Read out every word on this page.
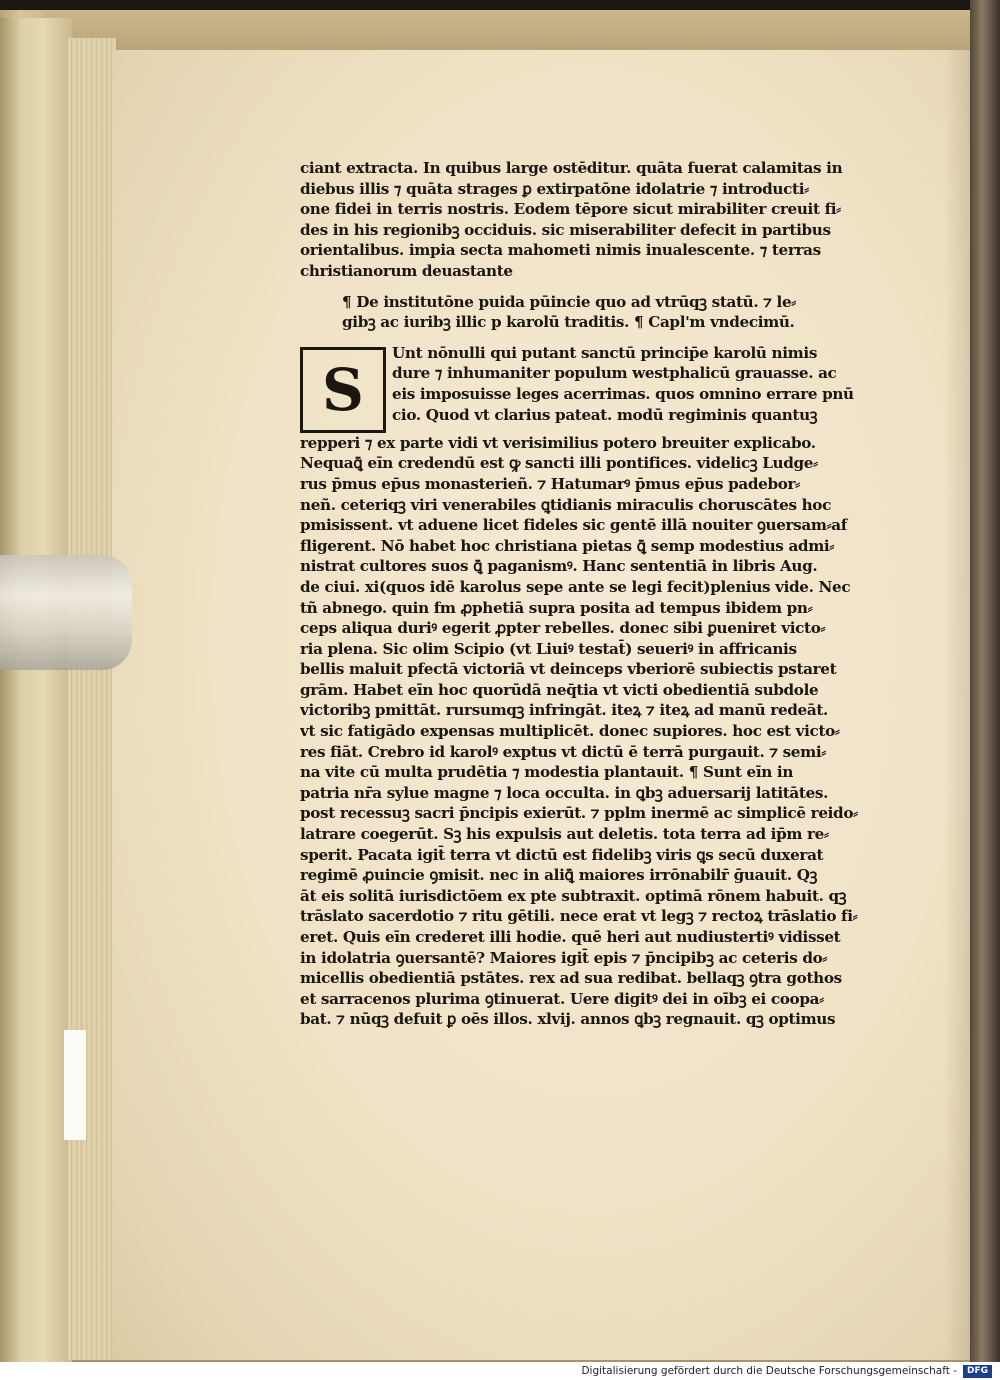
ciant extracta. In quibus large ostēditur. quāta fuerat calamitas in
diebus illis ⁊ quāta strages ꝑ extirpatōne idolatrie ⁊ introducti⸗
one fidei in terris nostris. Eodem tēpore sicut mirabiliter creuit fi⸗
des in his regionibꝫ occiduis. sic miserabiliter defecit in partibus
orientalibus. impia secta mahometi nimis inualescente. ⁊ terras
christianorum deuastante
¶ De institutōne puida pūincie quo ad vtrūqꝫ statū. ⁊ le⸗
gibꝫ ac iuribꝫ illic p karolū traditis. ¶ Capl'm vndecimū.
S
Unt nōnulli qui putant sanctū princip̄e karolū nimis
dure ⁊ inhumaniter populum westphalicū grauasse. ac
eis imposuisse leges acerrimas. quos omnino errare pnū
cio. Quod vt clarius pateat. modū regiminis quantuꝫ
repperi ⁊ ex parte vidi vt verisimilius potero breuiter explicabo.
Nequaꝗ̄ eīn credendū est ꝙ sancti illi pontifices. videlicꝫ Ludge⸗
rus p̄mus ep̄us monasterieñ. ⁊ Hatumarꝰ p̄mus ep̄us padebor⸗
neñ. ceteriqꝫ viri venerabiles ꝗtidianis miraculis choruscātes hoc
pmisissent. vt aduene licet fideles sic gentē illā nouiter ꝯuersam⸗af
fligerent. Nō habet hoc christiana pietas ꝗ̄ semp modestius admi⸗
nistrat cultores suos ꝗ̄ paganismꝰ. Hanc sententiā in libris Aug.
de ciui. xi(quos idē karolus sepe ante se legi fecit)plenius vide. Nec
tñ abnego. quin fm ꝓphetiā supra posita ad tempus ibidem pn⸗
ceps aliqua duriꝰ egerit ꝓpter rebelles. donec sibi ꝑueniret victo⸗
ria plena. Sic olim Scipio (vt Liuiꝰ testat̄) seueriꝰ in affricanis
bellis maluit pfectā victoriā vt deinceps vberiorē subiectis pstaret
grām. Habet eīn hoc quorūdā neq̄tia vt victi obedientiā subdole
victoribꝫ pmittāt. rursumqꝫ infringāt. iteꝝ ⁊ iteꝝ ad manū redeāt.
vt sic fatigādo expensas multiplicēt. donec supiores. hoc est victo⸗
res fiāt. Crebro id karolꝰ exptus vt dictū ē terrā purgauit. ⁊ semi⸗
na vite cū multa prudētia ⁊ modestia plantauit. ¶ Sunt eīn in
patria nr̄a sylue magne ⁊ loca occulta. in ꝗbꝫ aduersarij latitātes.
post recessuꝫ sacri p̄ncipis exierūt. ⁊ pplm inermē ac simplicē reido⸗
latrare coegerūt. Sꝫ his expulsis aut deletis. tota terra ad ip̄m re⸗
sperit. Pacata igit̄ terra vt dictū est fidelibꝫ viris ꝗs secū duxerat
regimē ꝓuincie ꝯmisit. nec in aliꝗ̄ maiores irrōnabilr̄ ḡuauit. Qꝫ
āt eis solitā iurisdictōem ex pte subtraxit. optimā rōnem habuit. qꝫ
trāslato sacerdotio ⁊ ritu gētili. nece erat vt legꝫ ⁊ rectoꝝ trāslatio fi⸗
eret. Quis eīn crederet illi hodie. quē heri aut nudiustertiꝰ vidisset
in idolatria ꝯuersantē? Maiores igit̄ epis ⁊ p̄ncipibꝫ ac ceteris do⸗
micellis obedientiā pstātes. rex ad sua redibat. bellaqꝫ ꝯtra gothos
et sarracenos plurima ꝯtinuerat. Uere digitꝰ dei in oībꝫ ei coopa⸗
bat. ⁊ nūqꝫ defuit ꝑ oēs illos. xlvij. annos ꝗbꝫ regnauit. qꝫ optimus
Digitalisierung gefördert durch die Deutsche Forschungsgemeinschaft -	DFG
